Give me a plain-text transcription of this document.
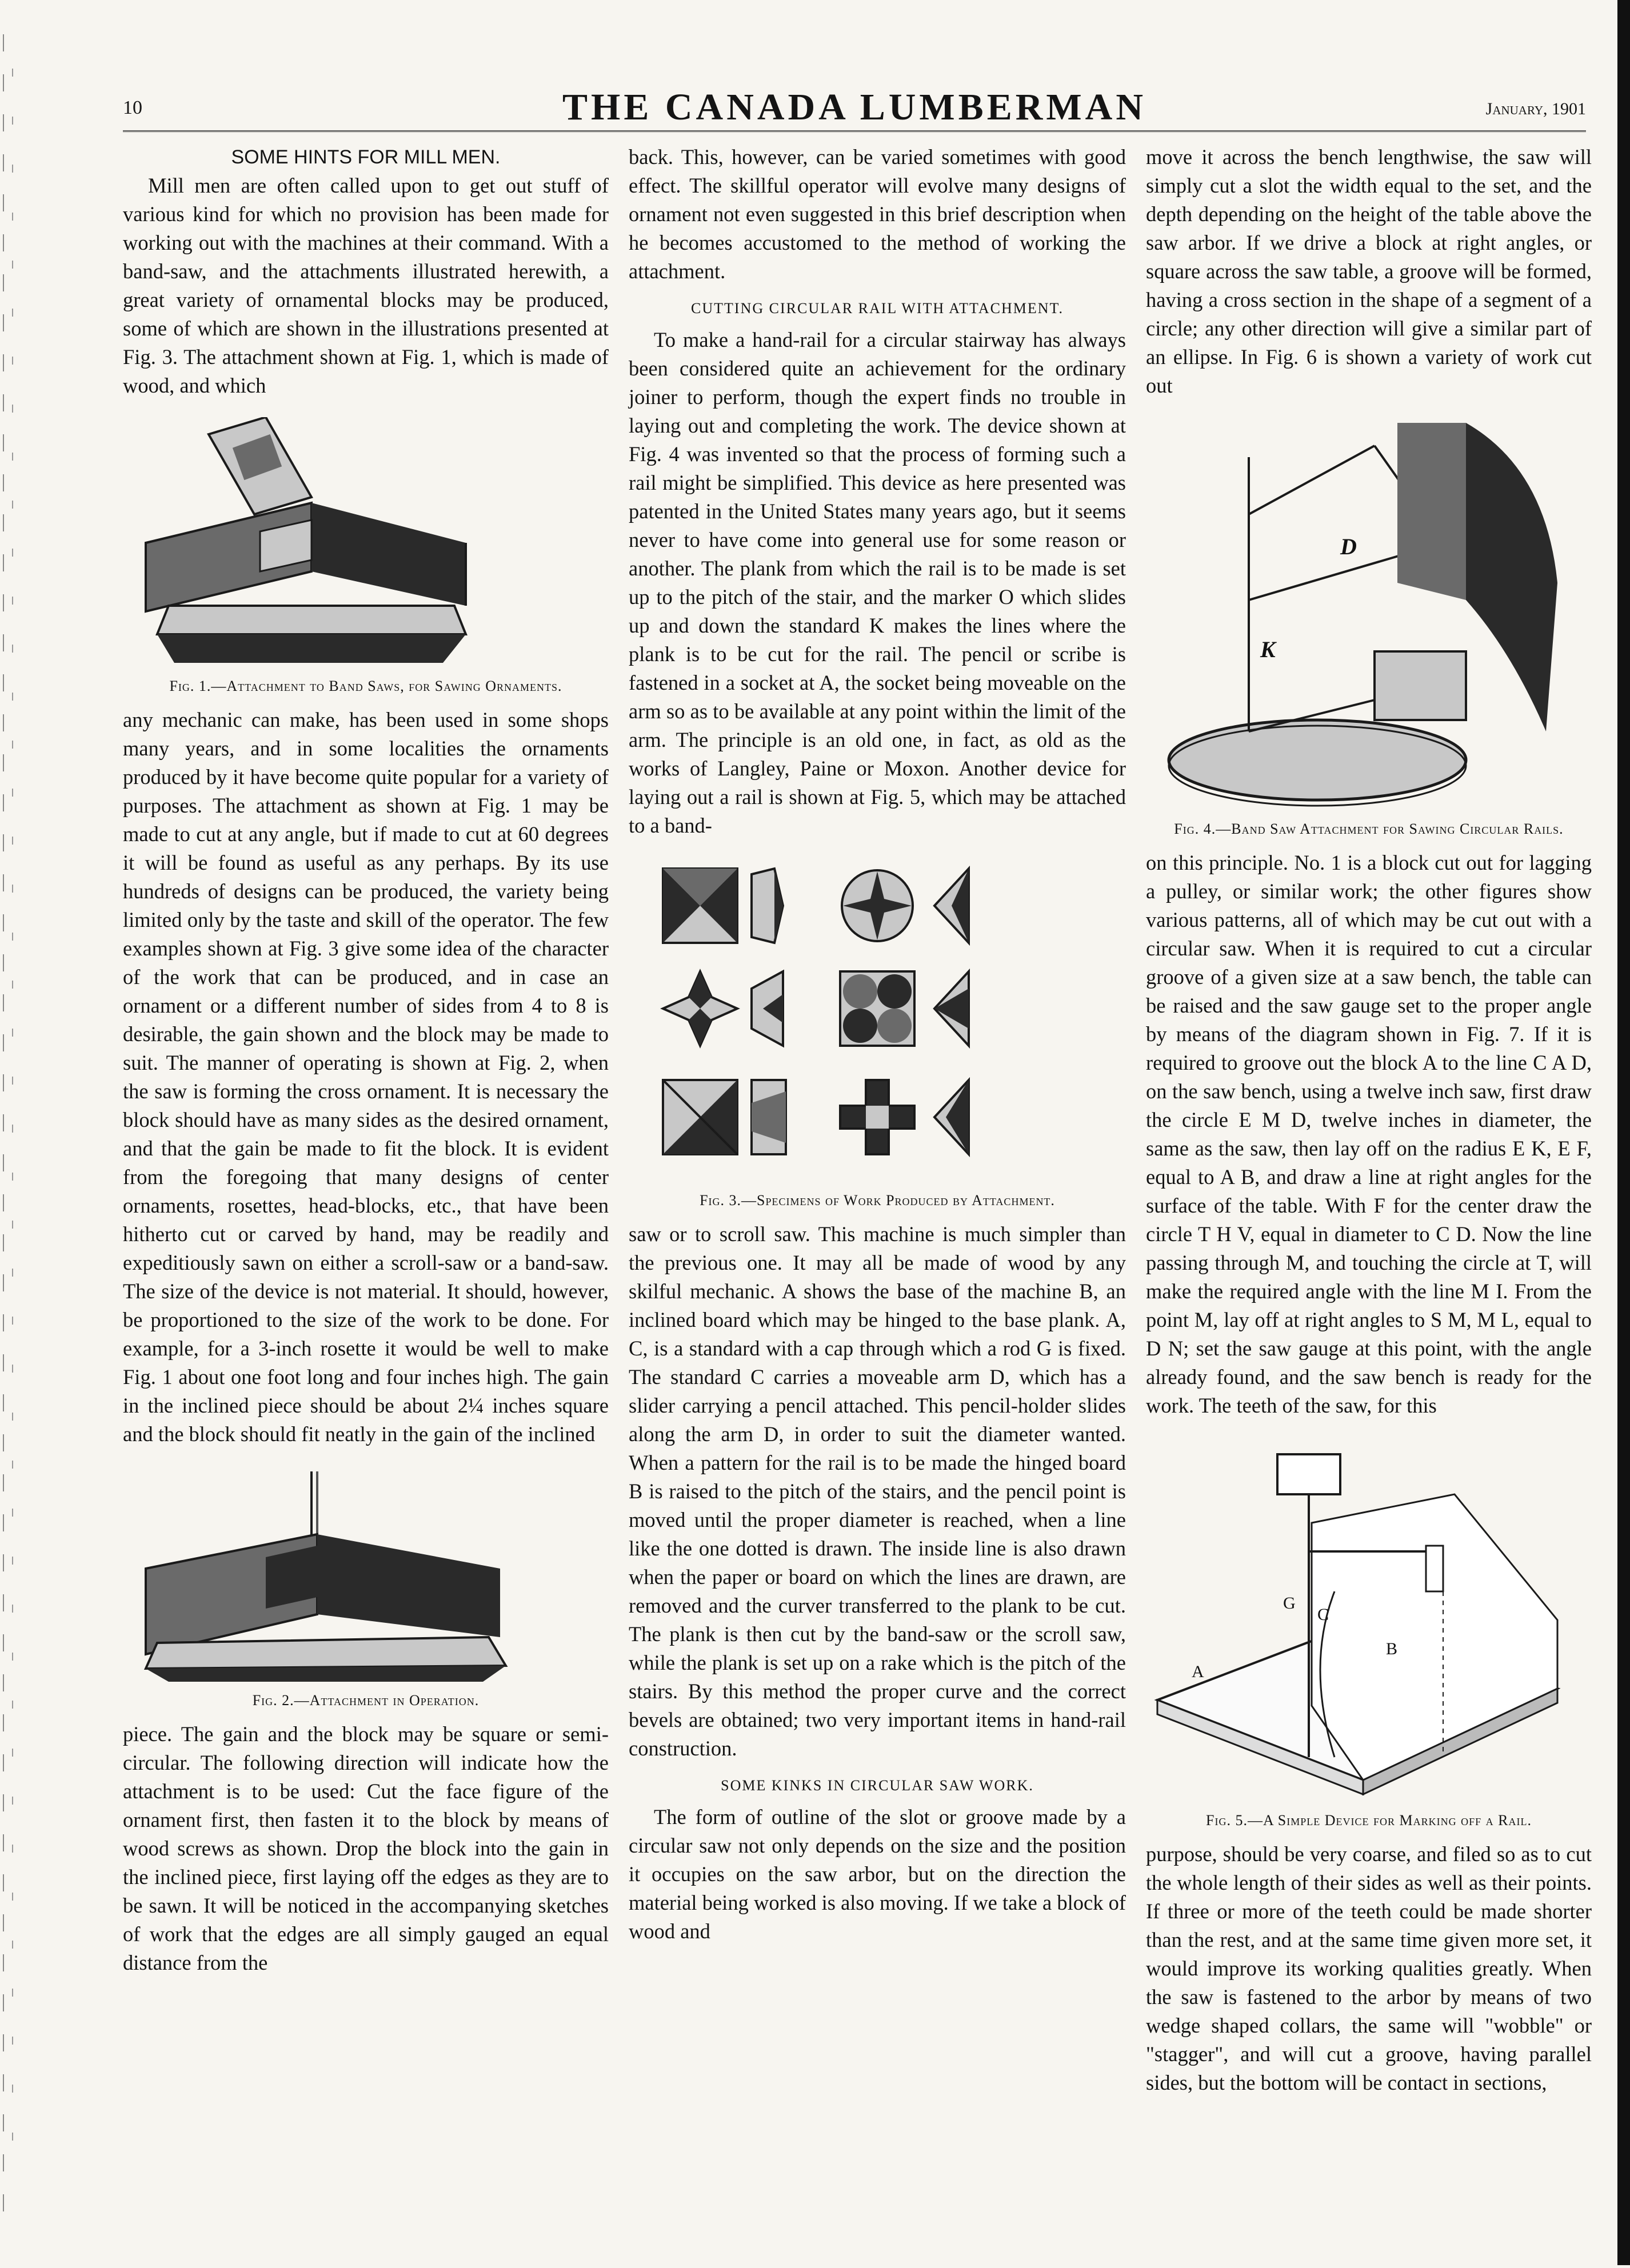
10	THE CANADA LUMBERMAN	January, 1901
SOME HINTS FOR MILL MEN.

Mill men are often called upon to get out stuff of various kind for which no provision has been made for working out with the machines at their command. With a band-saw, and the attachments illustrated herewith, a great variety of ornamental blocks may be produced, some of which are shown in the illustrations presented at Fig. 3. The attachment shown at Fig. 1, which is made of wood, and which

Fig. 1.—Attachment to Band Saws, for Sawing Ornaments.

any mechanic can make, has been used in some shops many years, and in some localities the ornaments produced by it have become quite popular for a variety of purposes. The attachment as shown at Fig. 1 may be made to cut at any angle, but if made to cut at 60 degrees it will be found as useful as any perhaps. By its use hundreds of designs can be produced, the variety being limited only by the taste and skill of the operator. The few examples shown at Fig. 3 give some idea of the character of the work that can be produced, and in case an ornament or a different number of sides from 4 to 8 is desirable, the gain shown and the block may be made to suit. The manner of operating is shown at Fig. 2, when the saw is forming the cross ornament. It is necessary the block should have as many sides as the desired ornament, and that the gain be made to fit the block. It is evident from the foregoing that many designs of center ornaments, rosettes, head-blocks, etc., that have been hitherto cut or carved by hand, may be readily and expeditiously sawn on either a scroll-saw or a band-saw. The size of the device is not material. It should, however, be proportioned to the size of the work to be done. For example, for a 3-inch rosette it would be well to make Fig. 1 about one foot long and four inches high. The gain in the inclined piece should be about 2¼ inches square and the block should fit neatly in the gain of the inclined

Fig. 2.—Attachment in Operation.

piece. The gain and the block may be square or semi-circular. The following direction will indicate how the attachment is to be used: Cut the face figure of the ornament first, then fasten it to the block by means of wood screws as shown. Drop the block into the gain in the inclined piece, first laying off the edges as they are to be sawn. It will be noticed in the accompanying sketches of work that the edges are all simply gauged an equal distance from the

back. This, however, can be varied sometimes with good effect. The skillful operator will evolve many designs of ornament not even suggested in this brief description when he becomes accustomed to the method of working the attachment.

CUTTING CIRCULAR RAIL WITH ATTACHMENT.

To make a hand-rail for a circular stairway has always been considered quite an achievement for the ordinary joiner to perform, though the expert finds no trouble in laying out and completing the work. The device shown at Fig. 4 was invented so that the process of forming such a rail might be simplified. This device as here presented was patented in the United States many years ago, but it seems never to have come into general use for some reason or another. The plank from which the rail is to be made is set up to the pitch of the stair, and the marker O which slides up and down the standard K makes the lines where the plank is to be cut for the rail. The pencil or scribe is fastened in a socket at A, the socket being moveable on the arm so as to be available at any point within the limit of the arm. The principle is an old one, in fact, as old as the works of Langley, Paine or Moxon. Another device for laying out a rail is shown at Fig. 5, which may be attached to a band-

Fig. 3.—Specimens of Work Produced by Attachment.

saw or to scroll saw. This machine is much simpler than the previous one. It may all be made of wood by any skilful mechanic. A shows the base of the machine B, an inclined board which may be hinged to the base plank. A, C, is a standard with a cap through which a rod G is fixed. The standard C carries a moveable arm D, which has a slider carrying a pencil attached. This pencil-holder slides along the arm D, in order to suit the diameter wanted. When a pattern for the rail is to be made the hinged board B is raised to the pitch of the stairs, and the pencil point is moved until the proper diameter is reached, when a line like the one dotted is drawn. The inside line is also drawn when the paper or board on which the lines are drawn, are removed and the curver transferred to the plank to be cut. The plank is then cut by the band-saw or the scroll saw, while the plank is set up on a rake which is the pitch of the stairs. By this method the proper curve and the correct bevels are obtained; two very important items in hand-rail construction.

SOME KINKS IN CIRCULAR SAW WORK.

The form of outline of the slot or groove made by a circular saw not only depends on the size and the position it occupies on the saw arbor, but on the direction the material being worked is also moving. If we take a block of wood and

move it across the bench lengthwise, the saw will simply cut a slot the width equal to the set, and the depth depending on the height of the table above the saw arbor. If we drive a block at right angles, or square across the saw table, a groove will be formed, having a cross section in the shape of a segment of a circle; any other direction will give a similar part of an ellipse. In Fig. 6 is shown a variety of work cut out

D
K
Fig. 4.—Band Saw Attachment for Sawing Circular Rails.

on this principle. No. 1 is a block cut out for lagging a pulley, or similar work; the other figures show various patterns, all of which may be cut out with a circular saw. When it is required to cut a circular groove of a given size at a saw bench, the table can be raised and the saw gauge set to the proper angle by means of the diagram shown in Fig. 7. If it is required to groove out the block A to the line C A D, on the saw bench, using a twelve inch saw, first draw the circle E M D, twelve inches in diameter, the same as the saw, then lay off on the radius E K, E F, equal to A B, and draw a line at right angles for the surface of the table. With F for the center draw the circle T H V, equal in diameter to C D. Now the line passing through M, and touching the circle at T, will make the required angle with the line M I. From the point M, lay off at right angles to S M, M L, equal to D N; set the saw gauge at this point, with the angle already found, and the saw bench is ready for the work. The teeth of the saw, for this

A
G
C
B
Fig. 5.—A Simple Device for Marking off a Rail.

purpose, should be very coarse, and filed so as to cut the whole length of their sides as well as their points. If three or more of the teeth could be made shorter than the rest, and at the same time given more set, it would improve its working qualities greatly. When the saw is fastened to the arbor by means of two wedge shaped collars, the same will "wobble" or "stagger", and will cut a groove, having parallel sides, but the bottom will be contact in sections,
